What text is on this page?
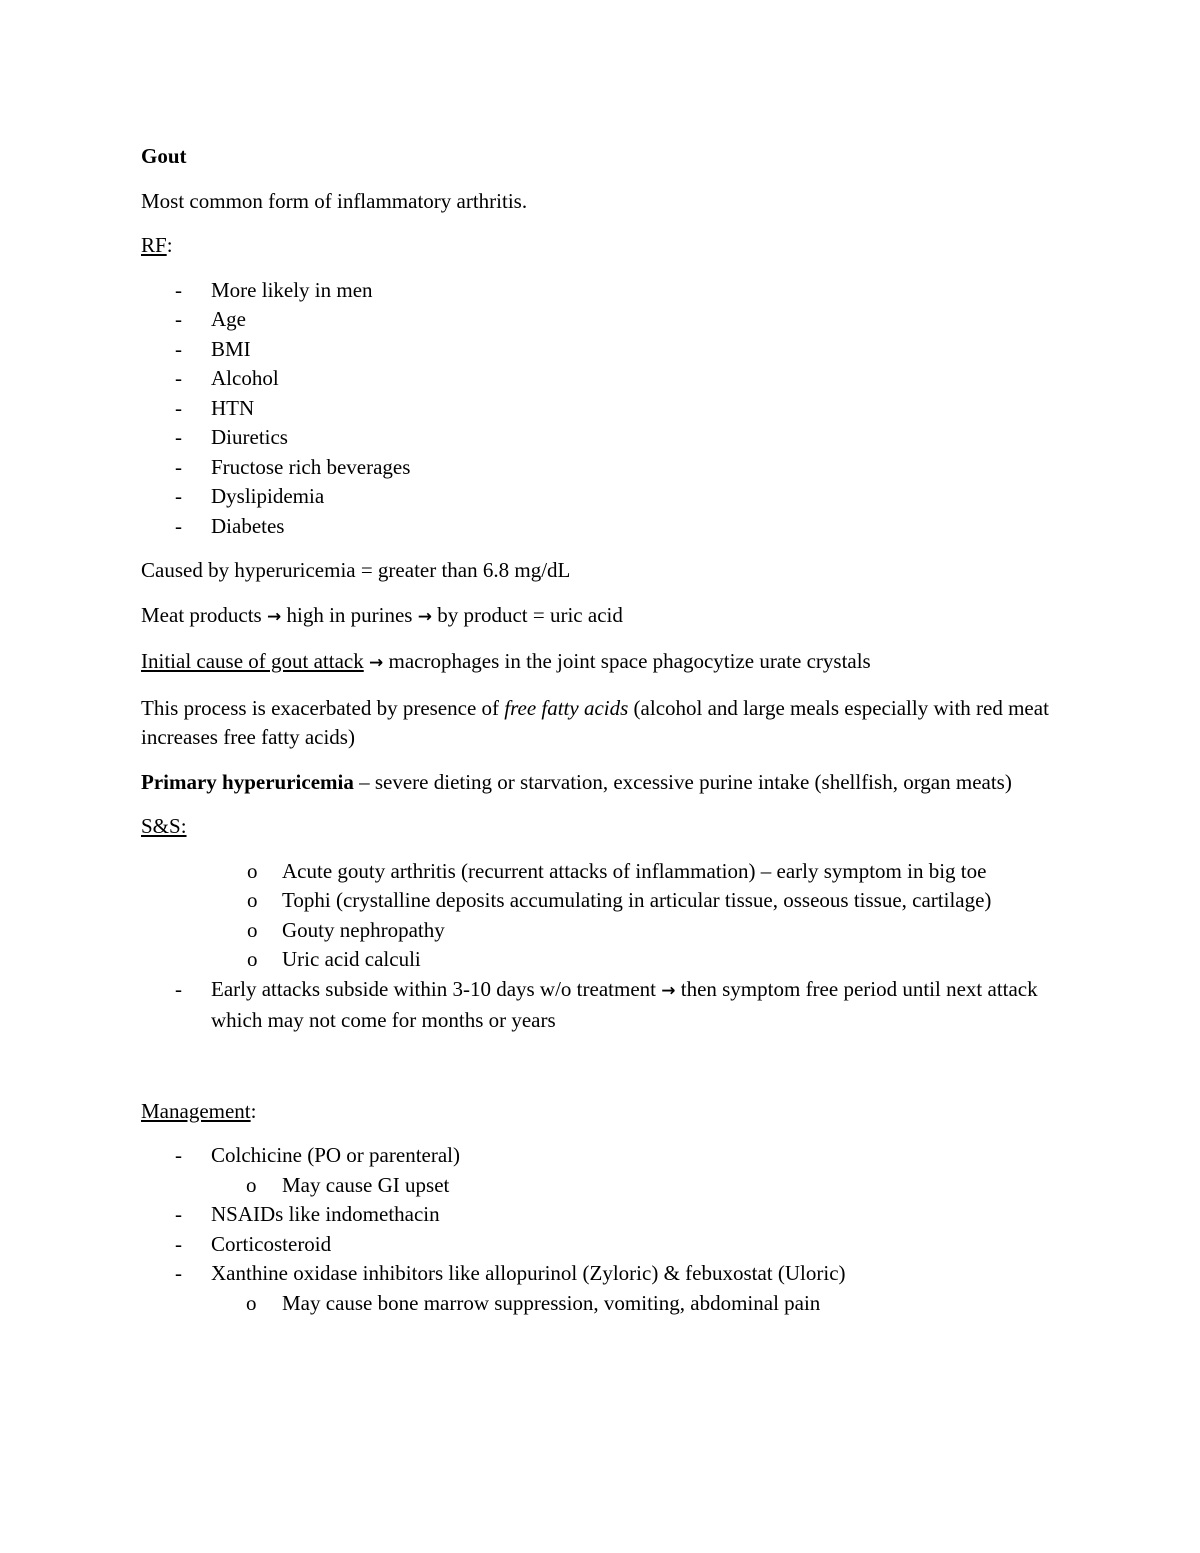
Gout

Most common form of inflammatory arthritis.

RF:

- More likely in men
- Age
- BMI
- Alcohol
- HTN
- Diuretics
- Fructose rich beverages
- Dyslipidemia
- Diabetes

Caused by hyperuricemia = greater than 6.8 mg/dL

Meat products → high in purines → by product = uric acid

Initial cause of gout attack → macrophages in the joint space phagocytize urate crystals

This process is exacerbated by presence of free fatty acids (alcohol and large meals especially with red meat increases free fatty acids)

Primary hyperuricemia – severe dieting or starvation, excessive purine intake (shellfish, organ meats)

S&S:

o Acute gouty arthritis (recurrent attacks of inflammation) – early symptom in big toe
o Tophi (crystalline deposits accumulating in articular tissue, osseous tissue, cartilage)
o Gouty nephropathy
o Uric acid calculi
- Early attacks subside within 3-10 days w/o treatment → then symptom free period until next attack which may not come for months or years

Management:

- Colchicine (PO or parenteral)
o May cause GI upset
- NSAIDs like indomethacin
- Corticosteroid
- Xanthine oxidase inhibitors like allopurinol (Zyloric) & febuxostat (Uloric)
o May cause bone marrow suppression, vomiting, abdominal pain
